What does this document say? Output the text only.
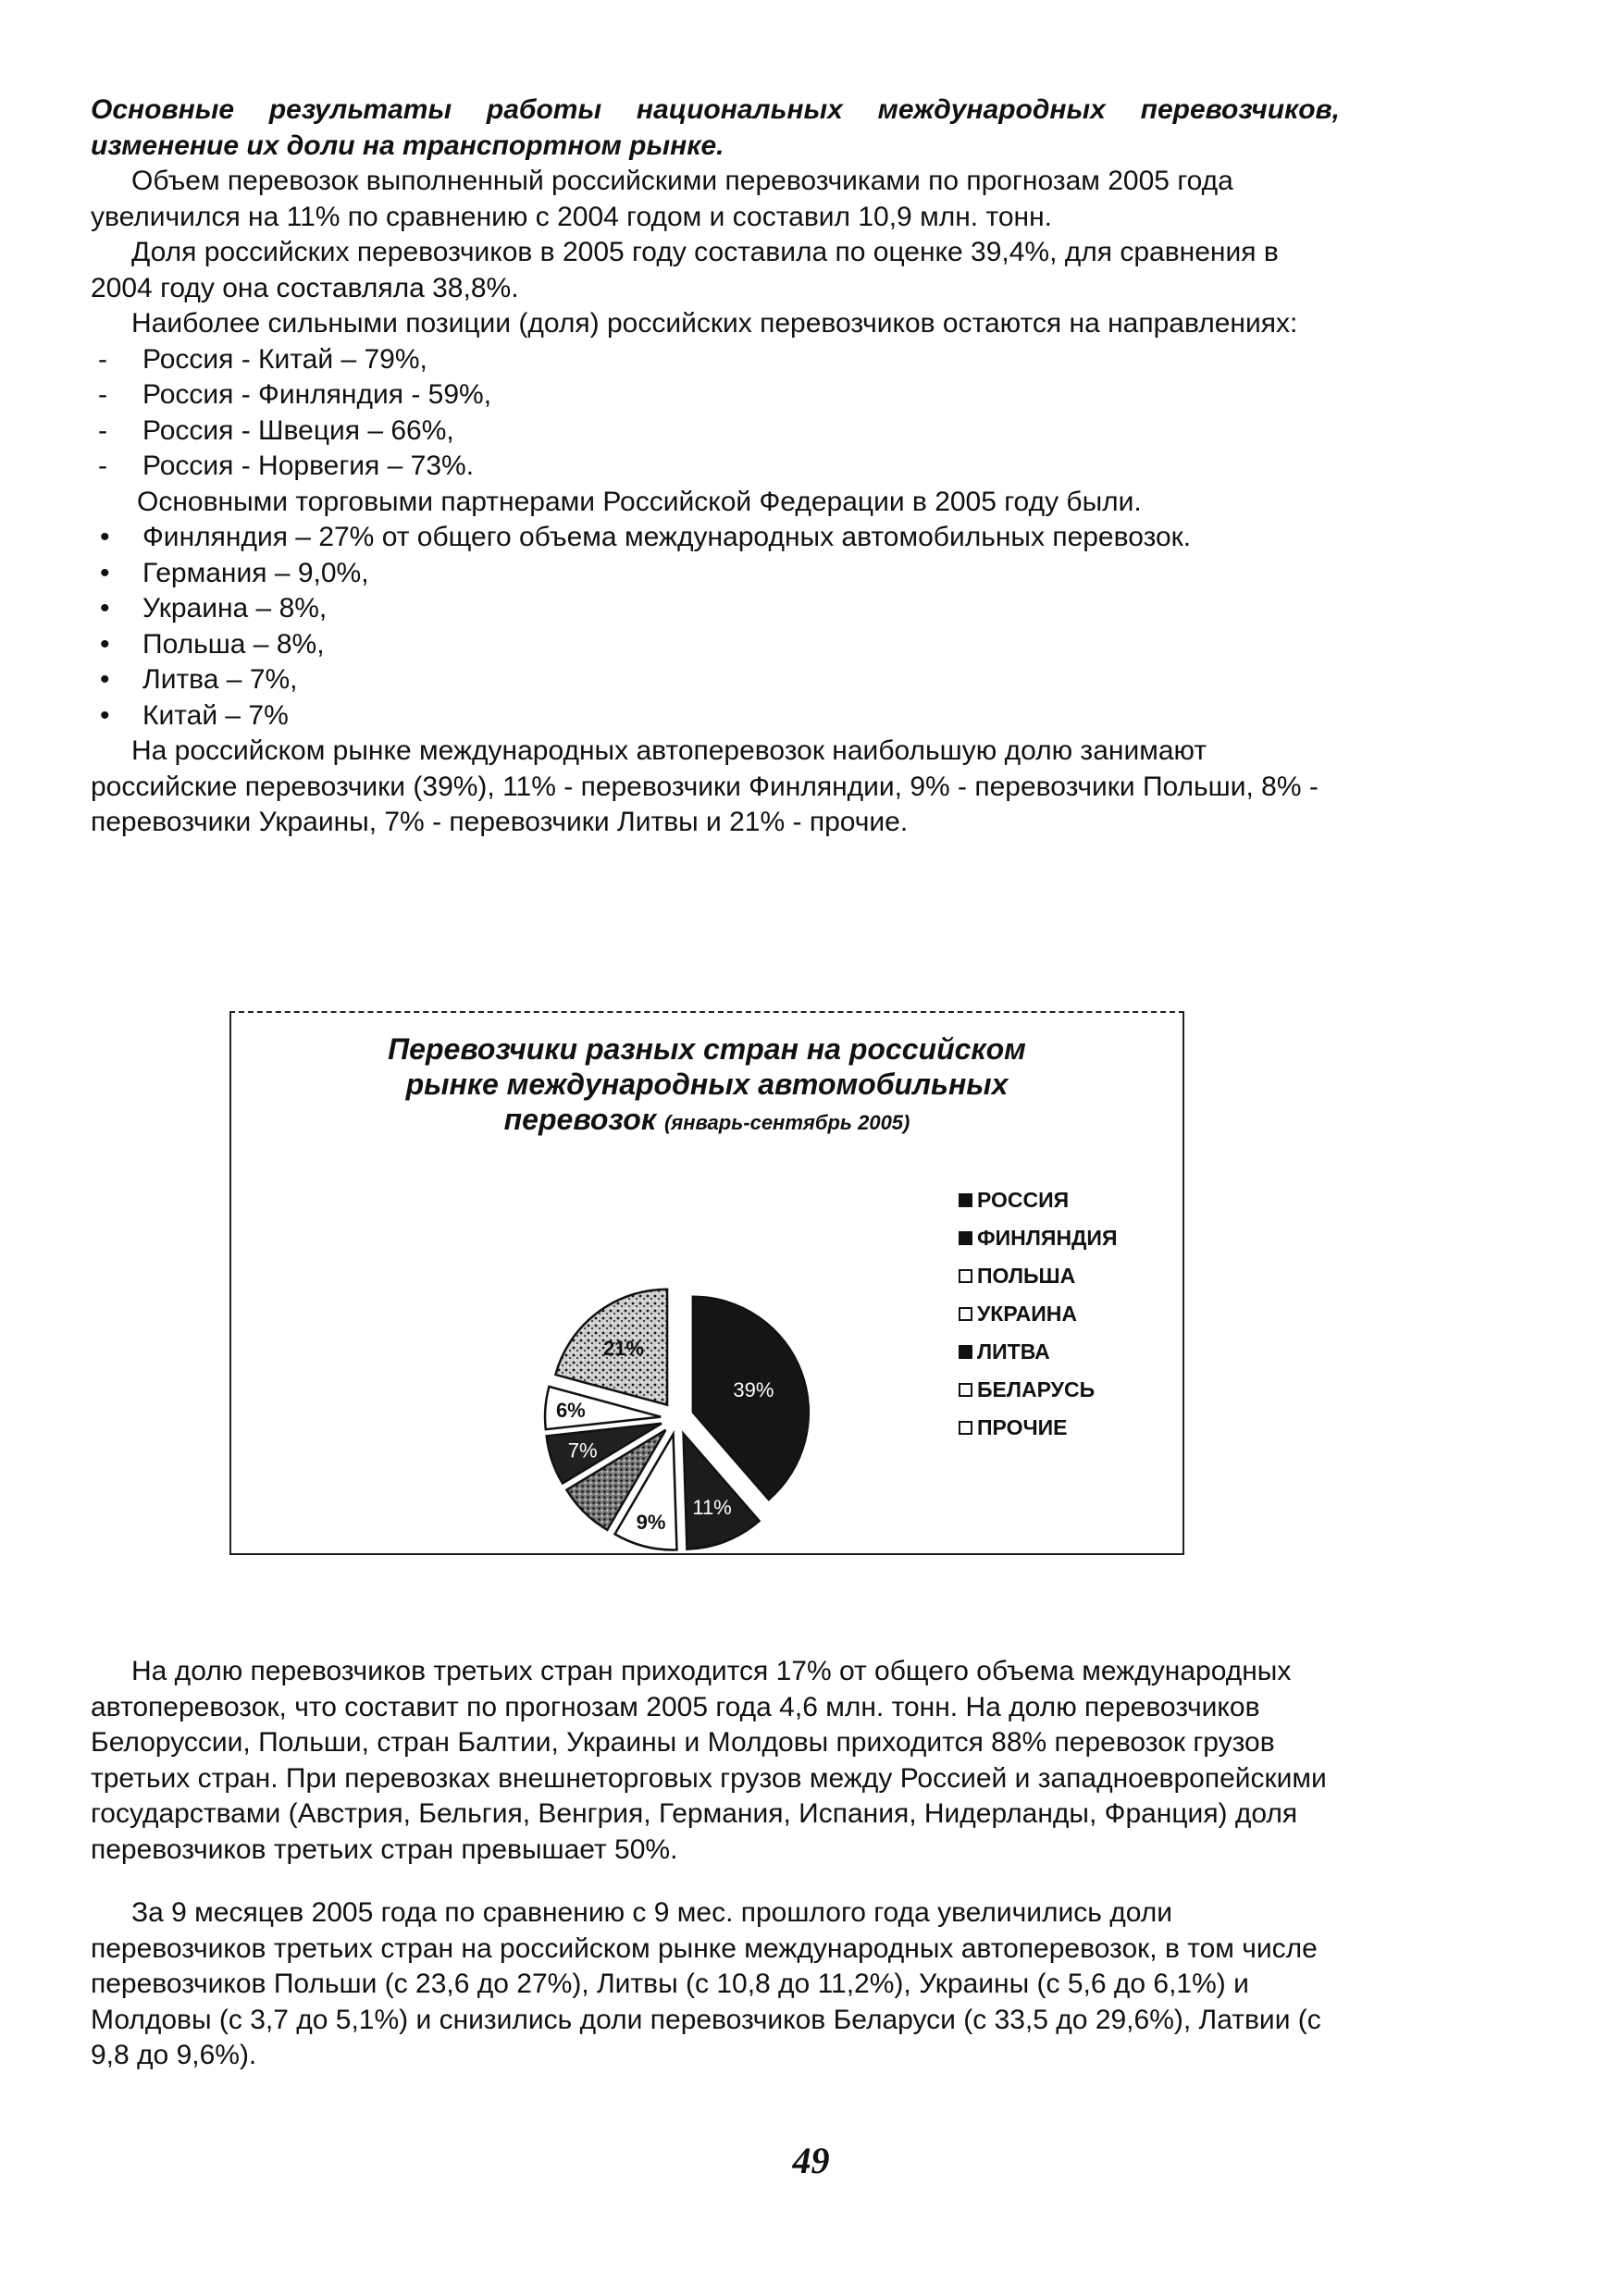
Основные результаты работы национальных международных перевозчиков, изменение их доли на транспортном рынке.

Объем перевозок выполненный российскими перевозчиками по прогнозам 2005 года увеличился на 11% по сравнению с 2004 годом и составил 10,9 млн. тонн.

Доля российских перевозчиков в 2005 году составила по оценке 39,4%, для сравнения в 2004 году она составляла 38,8%.

Наиболее сильными позиции (доля) российских перевозчиков остаются на направлениях:

- Россия - Китай – 79%,
- Россия - Финляндия - 59%,
- Россия - Швеция – 66%,
- Россия - Норвегия – 73%.

Основными торговыми партнерами Российской Федерации в 2005 году были.

• Финляндия – 27% от общего объема международных автомобильных перевозок.
• Германия – 9,0%,
• Украина – 8%,
• Польша – 8%,
• Литва – 7%,
• Китай – 7%

На российском рынке международных автоперевозок наибольшую долю занимают российские перевозчики (39%), 11% - перевозчики Финляндии, 9% - перевозчики Польши, 8% - перевозчики Украины, 7% - перевозчики Литвы и 21% - прочие.

Перевозчики разных стран на российском
рынке международных автомобильных
перевозок (январь-сентябрь 2005)
39%
11%
9%
7%
6%
21%
РОССИЯ
ФИНЛЯНДИЯ
ПОЛЬША
УКРАИНА
ЛИТВА
БЕЛАРУСЬ
ПРОЧИЕ

На долю перевозчиков третьих стран приходится 17% от общего объема международных автоперевозок, что составит по прогнозам 2005 года 4,6 млн. тонн. На долю перевозчиков Белоруссии, Польши, стран Балтии, Украины и Молдовы приходится 88% перевозок грузов третьих стран. При перевозках внешнеторговых грузов между Россией и западноевропейскими государствами (Австрия, Бельгия, Венгрия, Германия, Испания, Нидерланды, Франция) доля перевозчиков третьих стран превышает 50%.

За 9 месяцев 2005 года по сравнению с 9 мес. прошлого года увеличились доли перевозчиков третьих стран на российском рынке международных автоперевозок, в том числе перевозчиков Польши (с 23,6 до 27%), Литвы (с 10,8 до 11,2%), Украины (с 5,6 до 6,1%) и Молдовы (с 3,7 до 5,1%) и снизились доли перевозчиков Беларуси (с 33,5 до 29,6%), Латвии (с 9,8 до 9,6%).

49
